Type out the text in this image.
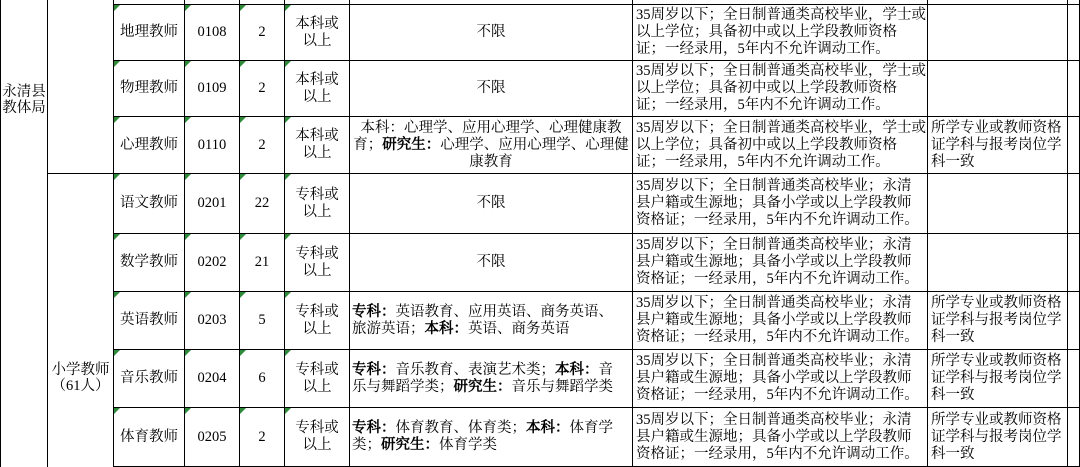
永清县
教体局
小学教师
（61人）
地理教师 0108 2
本科或
以上
不限
35周岁以下；全日制普通类高校毕业，学士或
以上学位；具备初中或以上学段教师资格
证；一经录用，5年内不允许调动工作。
物理教师 0109 2
本科或
以上
不限
35周岁以下；全日制普通类高校毕业，学士或
以上学位；具备初中或以上学段教师资格
证；一经录用，5年内不允许调动工作。
心理教师 0110 2
本科或
以上
本科：心理学、应用心理学、心理健康教
育；研究生：心理学、应用心理学、心理健
康教育
35周岁以下；全日制普通类高校毕业，学士或
以上学位；具备初中或以上学段教师资格
证；一经录用，5年内不允许调动工作。
所学专业或教师资格
证学科与报考岗位学
科一致
语文教师 0201 22
专科或
以上
不限
35周岁以下；全日制普通类高校毕业；永清
县户籍或生源地；具备小学或以上学段教师
资格证；一经录用，5年内不允许调动工作。
数学教师 0202 21
专科或
以上
不限
35周岁以下；全日制普通类高校毕业；永清
县户籍或生源地；具备小学或以上学段教师
资格证；一经录用，5年内不允许调动工作。
英语教师 0203 5
专科或
以上
专科：英语教育、应用英语、商务英语、
旅游英语；本科：英语、商务英语
35周岁以下；全日制普通类高校毕业；永清
县户籍或生源地；具备小学或以上学段教师
资格证；一经录用，5年内不允许调动工作。
所学专业或教师资格
证学科与报考岗位学
科一致
音乐教师 0204 6
专科或
以上
专科：音乐教育、表演艺术类；本科：音
乐与舞蹈学类；研究生：音乐与舞蹈学类
35周岁以下；全日制普通类高校毕业；永清
县户籍或生源地；具备小学或以上学段教师
资格证；一经录用，5年内不允许调动工作。
所学专业或教师资格
证学科与报考岗位学
科一致
体育教师 0205 2
专科或
以上
专科：体育教育、体育类；本科：体育学
类；研究生：体育学类
35周岁以下；全日制普通类高校毕业；永清
县户籍或生源地；具备小学或以上学段教师
资格证；一经录用，5年内不允许调动工作。
所学专业或教师资格
证学科与报考岗位学
科一致
